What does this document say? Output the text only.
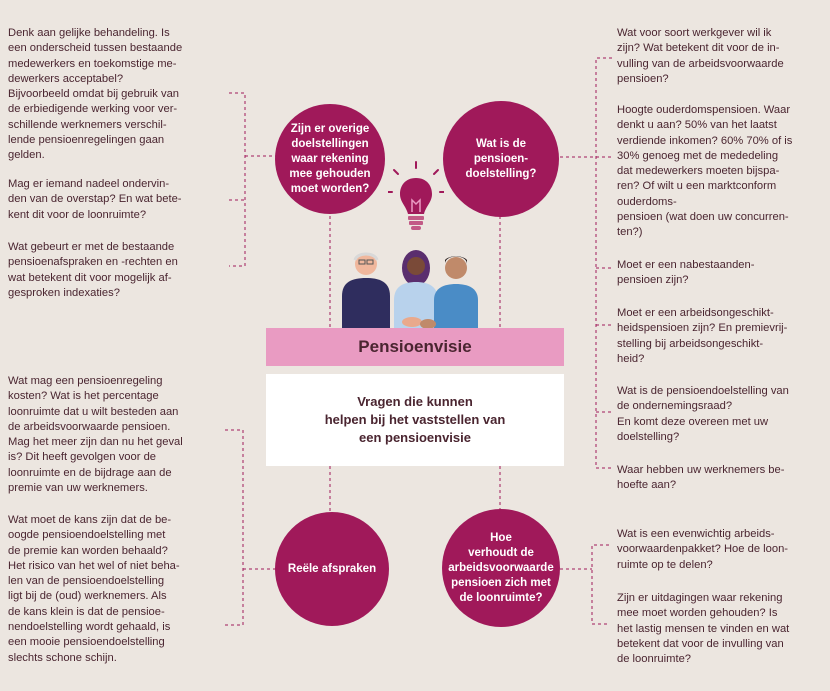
Zijn er overige
doelstellingen
waar rekening
mee gehouden
moet worden?
Wat is de
pensioen-
doelstelling?
Reële afspraken
Hoe
verhoudt de
arbeidsvoorwaarde
pensioen zich met
de loonruimte?
Pensioenvisie
Vragen die kunnen
helpen bij het vaststellen van
een pensioenvisie

Denk aan gelijke behandeling. Is
een onderscheid tussen bestaande
medewerkers en toekomstige me-
dewerkers acceptabel?
Bijvoorbeeld omdat bij gebruik van
de erbiedigende werking voor ver-
schillende werknemers verschil-
lende pensioenregelingen gaan
gelden.

Mag er iemand nadeel ondervin-
den van de overstap? En wat bete-
kent dit voor de loonruimte?

Wat gebeurt er met de bestaande
pensioenafspraken en -rechten en
wat betekent dit voor mogelijk af-
gesproken indexaties?

Wat voor soort werkgever wil ik
zijn? Wat betekent dit voor de in-
vulling van de arbeidsvoorwaarde
pensioen?

Hoogte ouderdomspensioen. Waar
denkt u aan? 50% van het laatst
verdiende inkomen? 60% 70% of is
30% genoeg met de mededeling
dat medewerkers moeten bijspa-
ren? Of wilt u een marktconform
ouderdoms-
pensioen (wat doen uw concurren-
ten?)

Moet er een nabestaanden-
pensioen zijn?

Moet er een arbeidsongeschikt-
heidspensioen zijn? En premievrij-
stelling bij arbeidsongeschikt-
heid?

Wat is de pensioendoelstelling van
de ondernemingsraad?
En komt deze overeen met uw
doelstelling?

Waar hebben uw werknemers be-
hoefte aan?

Wat mag een pensioenregeling
kosten? Wat is het percentage
loonruimte dat u wilt besteden aan
de arbeidsvoorwaarde pensioen.
Mag het meer zijn dan nu het geval
is? Dit heeft gevolgen voor de
loonruimte en de bijdrage aan de
premie van uw werknemers.

Wat moet de kans zijn dat de be-
oogde pensioendoelstelling met
de premie kan worden behaald?
Het risico van het wel of niet beha-
len van de pensioendoelstelling
ligt bij de (oud) werknemers. Als
de kans klein is dat de pensioe-
nendoelstelling wordt gehaald, is
een mooie pensioendoelstelling
slechts schone schijn.

Wat is een evenwichtig arbeids-
voorwaardenpakket? Hoe de loon-
ruimte op te delen?

Zijn er uitdagingen waar rekening
mee moet worden gehouden? Is
het lastig mensen te vinden en wat
betekent dat voor de invulling van
de loonruimte?
